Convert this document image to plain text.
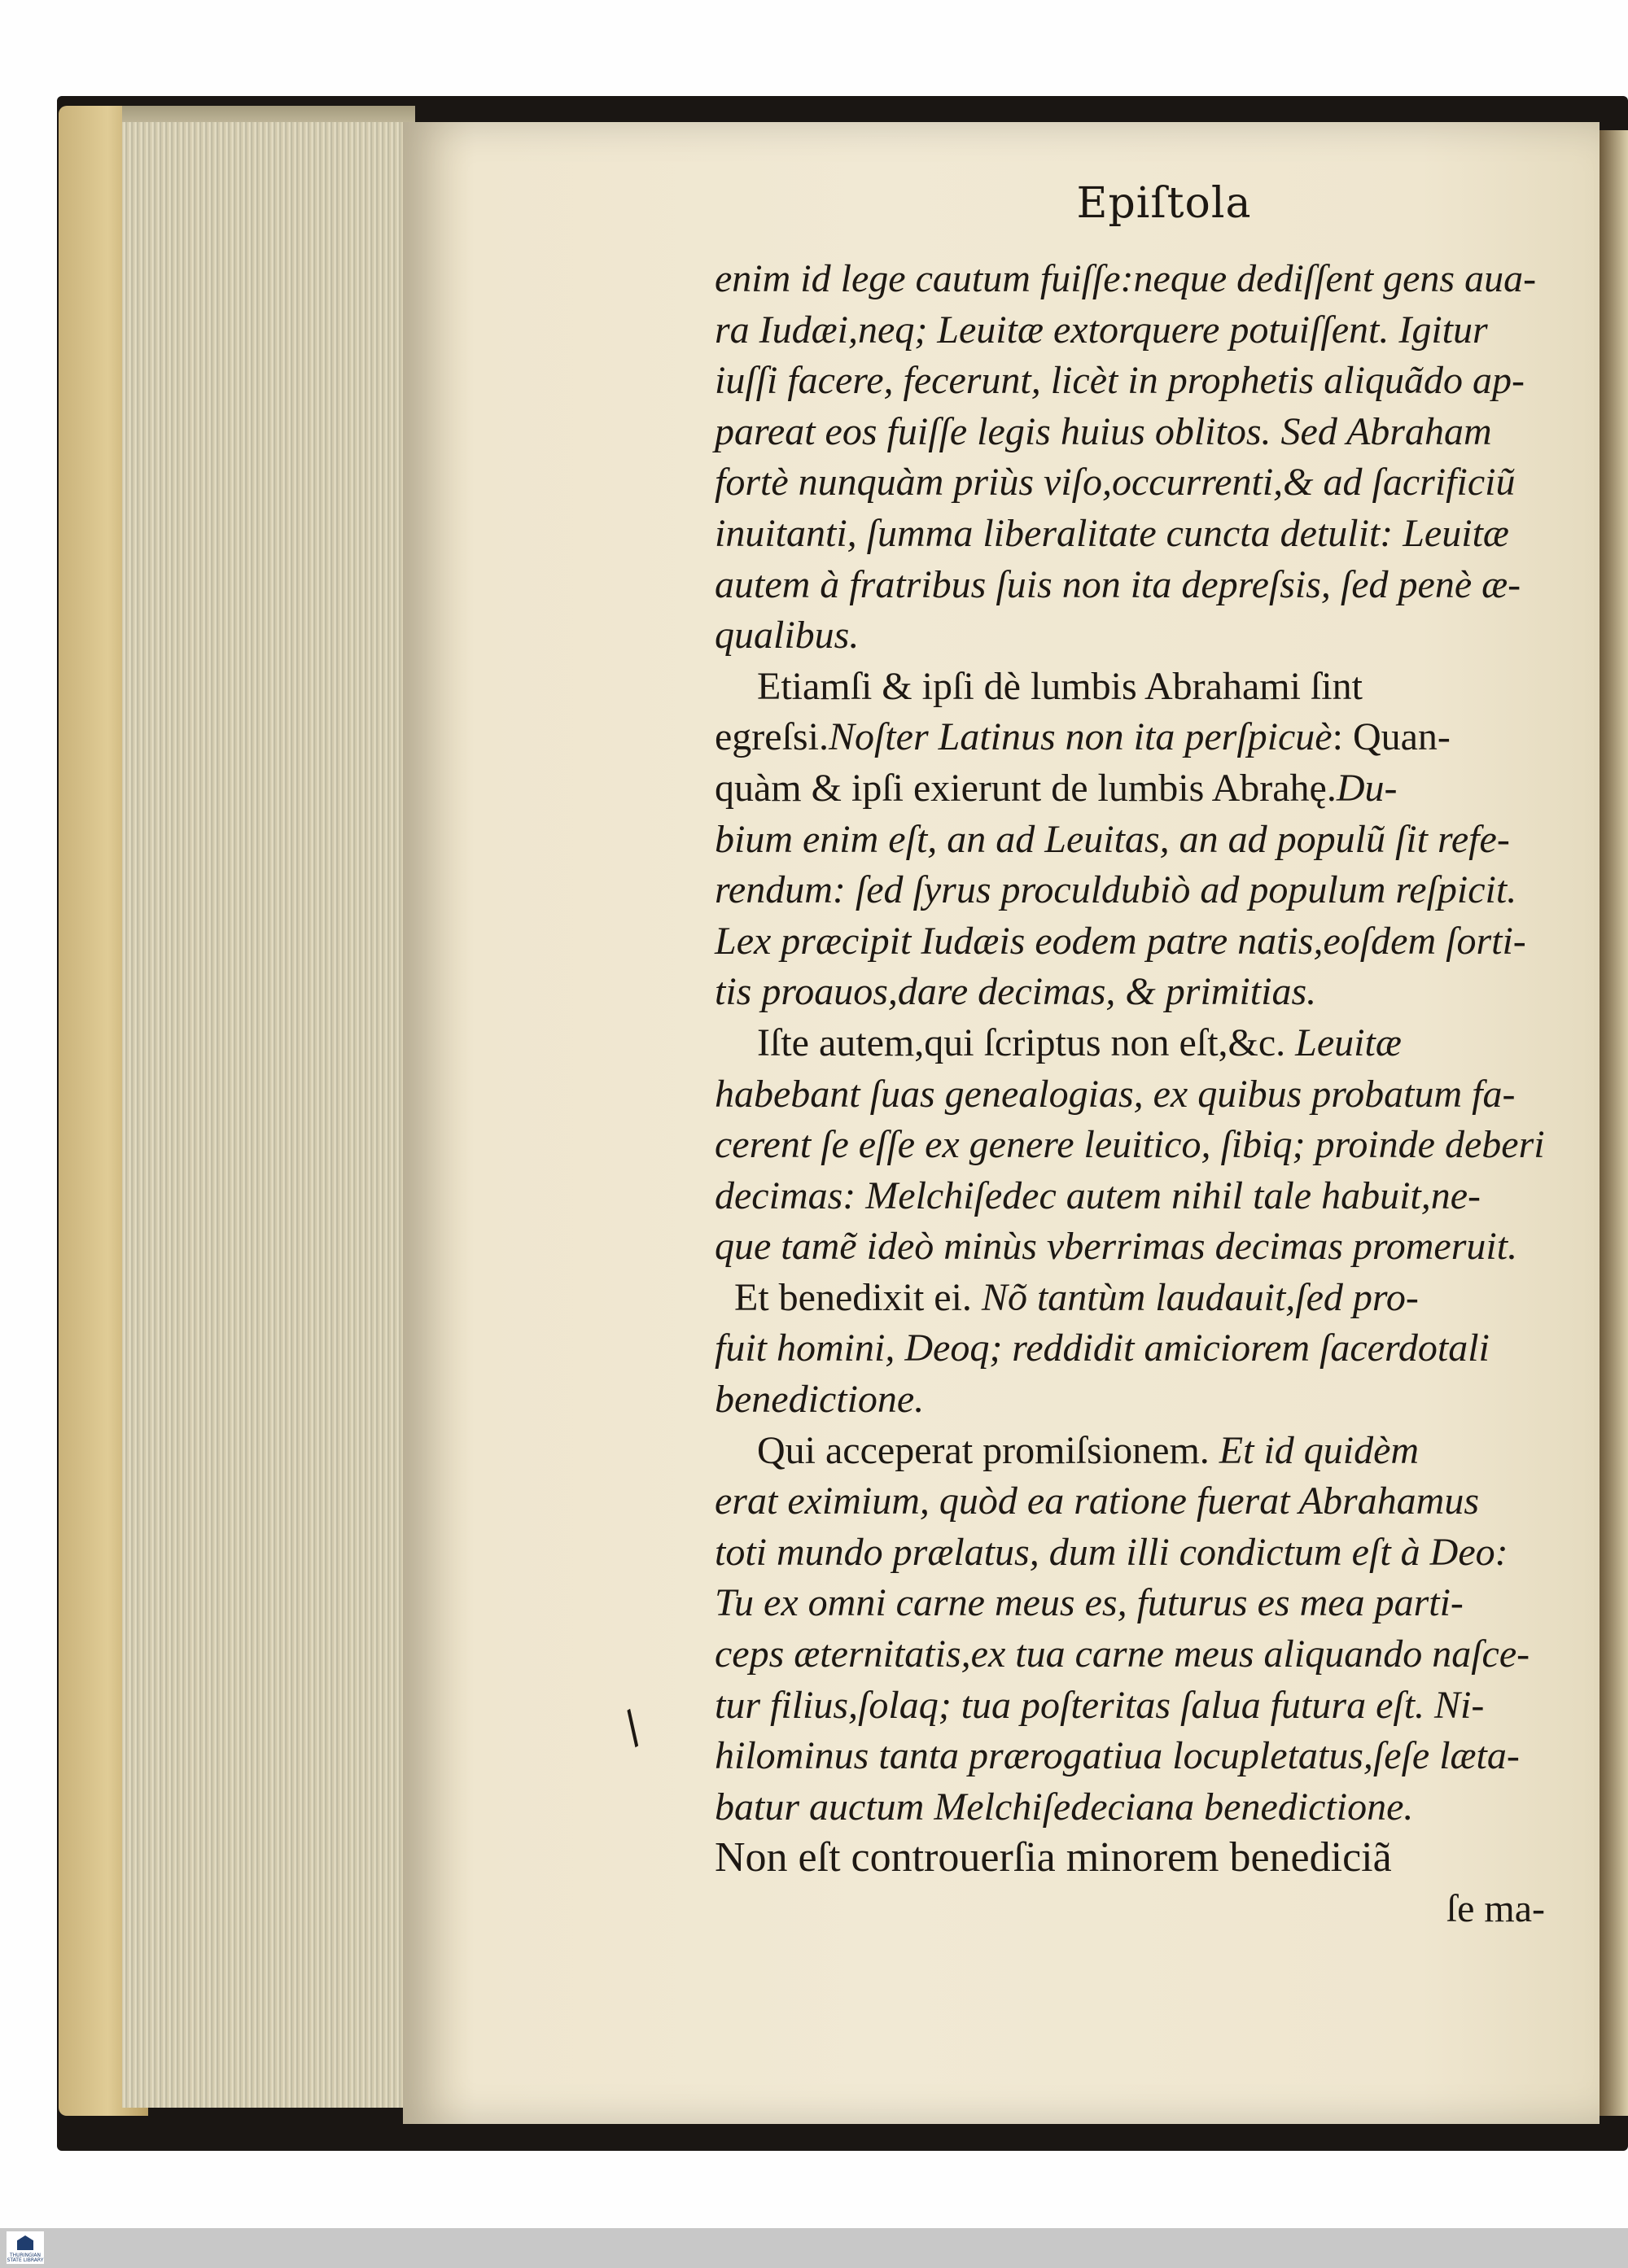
Epiſtola
enim id lege cautum fuiſſe:neque dediſſent gens aua-
ra Iudæi,neq; Leuitæ extorquere potuiſſent. Igitur
iuſſi facere, fecerunt, licèt in prophetis aliquãdo ap-
pareat eos fuiſſe legis huius oblitos. Sed Abraham
fortè nunquàm priùs viſo,occurrenti,& ad ſacrificiũ
inuitanti, ſumma liberalitate cuncta detulit: Leuitæ
autem à fratribus ſuis non ita depreſsis, ſed penè æ-
qualibus.
Etiamſi & ipſi dè lumbis Abrahami ſint
egreſsi.Noſter Latinus non ita perſpicuè: Quan-
quàm & ipſi exierunt de lumbis Abrahę.Du-
bium enim eſt, an ad Leuitas, an ad populũ ſit refe-
rendum: ſed ſyrus proculdubiò ad populum reſpicit.
Lex præcipit Iudæis eodem patre natis,eoſdem ſorti-
tis proauos,dare decimas, & primitias.
Iſte autem,qui ſcriptus non eſt,&c. Leuitæ
habebant ſuas genealogias, ex quibus probatum fa-
cerent ſe eſſe ex genere leuitico, ſibiq; proinde deberi
decimas: Melchiſedec autem nihil tale habuit,ne-
que tamẽ ideò minùs vberrimas decimas promeruit.
Et benedixit ei. Nõ tantùm laudauit,ſed pro-
fuit homini, Deoq; reddidit amiciorem ſacerdotali
benedictione.
Qui acceperat promiſsionem. Et id quidèm
erat eximium, quòd ea ratione fuerat Abrahamus
toti mundo prælatus, dum illi condictum eſt à Deo:
Tu ex omni carne meus es, futurus es mea parti-
ceps æternitatis,ex tua carne meus aliquando naſce-
tur filius,ſolaq; tua poſteritas ſalua futura eſt. Ni-
hilominus tanta prærogatiua locupletatus,ſeſe læta-
batur auctum Melchiſedeciana benedictione.
Non eſt controuerſia minorem benediciã
ſe ma-
/
THURINGIAN STATE LIBRARY
